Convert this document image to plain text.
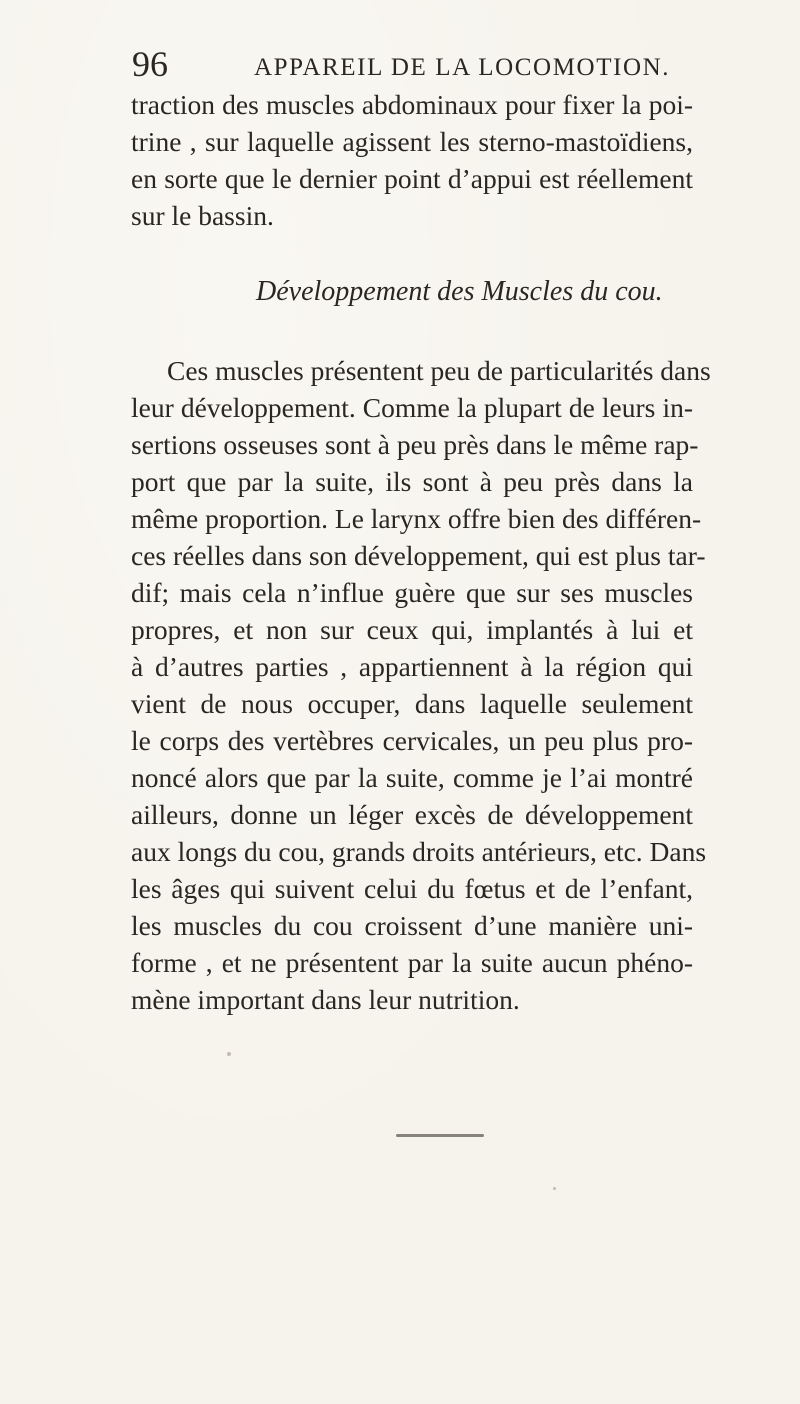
96	APPAREIL DE LA LOCOMOTION.
traction des muscles abdominaux pour fixer la poi-
trine , sur laquelle agissent les sterno-mastoïdiens,
en sorte que le dernier point d’appui est réellement
sur le bassin.
Développement des Muscles du cou.
Ces muscles présentent peu de particularités dans
leur développement. Comme la plupart de leurs in-
sertions osseuses sont à peu près dans le même rap-
port que par la suite, ils sont à peu près dans la
même proportion. Le larynx offre bien des différen-
ces réelles dans son développement, qui est plus tar-
dif; mais cela n’influe guère que sur ses muscles
propres, et non sur ceux qui, implantés à lui et
à d’autres parties , appartiennent à la région qui
vient de nous occuper, dans laquelle seulement
le corps des vertèbres cervicales, un peu plus pro-
noncé alors que par la suite, comme je l’ai montré
ailleurs, donne un léger excès de développement
aux longs du cou, grands droits antérieurs, etc. Dans
les âges qui suivent celui du fœtus et de l’enfant,
les muscles du cou croissent d’une manière uni-
forme , et ne présentent par la suite aucun phéno-
mène important dans leur nutrition.
